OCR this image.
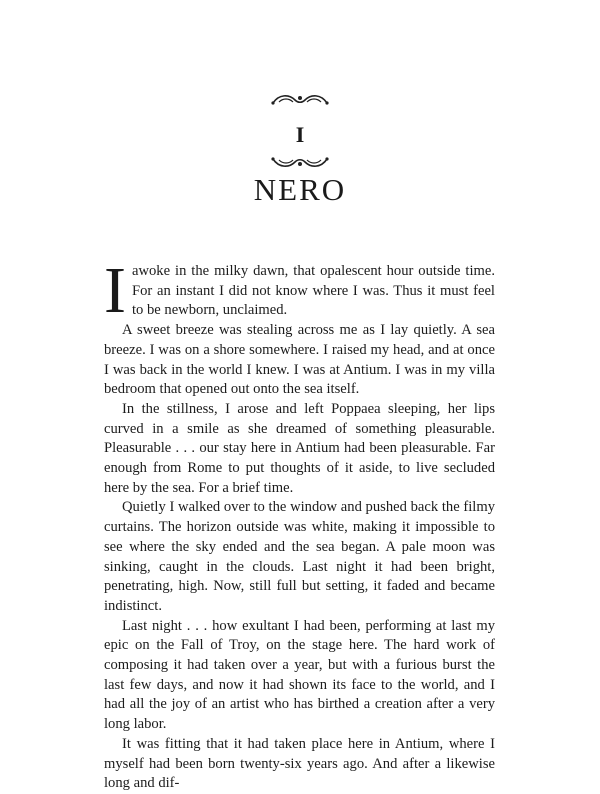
I
NERO

I awoke in the milky dawn, that opalescent hour outside time. For an instant I did not know where I was. Thus it must feel to be newborn, unclaimed.

A sweet breeze was stealing across me as I lay quietly. A sea breeze. I was on a shore somewhere. I raised my head, and at once I was back in the world I knew. I was at Antium. I was in my villa bedroom that opened out onto the sea itself.

In the stillness, I arose and left Poppaea sleeping, her lips curved in a smile as she dreamed of something pleasurable. Pleasurable . . . our stay here in Antium had been pleasurable. Far enough from Rome to put thoughts of it aside, to live secluded here by the sea. For a brief time.

Quietly I walked over to the window and pushed back the filmy curtains. The horizon outside was white, making it impossible to see where the sky ended and the sea began. A pale moon was sinking, caught in the clouds. Last night it had been bright, penetrating, high. Now, still full but setting, it faded and became indistinct.

Last night . . . how exultant I had been, performing at last my epic on the Fall of Troy, on the stage here. The hard work of composing it had taken over a year, but with a furious burst the last few days, and now it had shown its face to the world, and I had all the joy of an artist who has birthed a creation after a very long labor.

It was fitting that it had taken place here in Antium, where I myself had been born twenty-six years ago. And after a likewise long and dif-
